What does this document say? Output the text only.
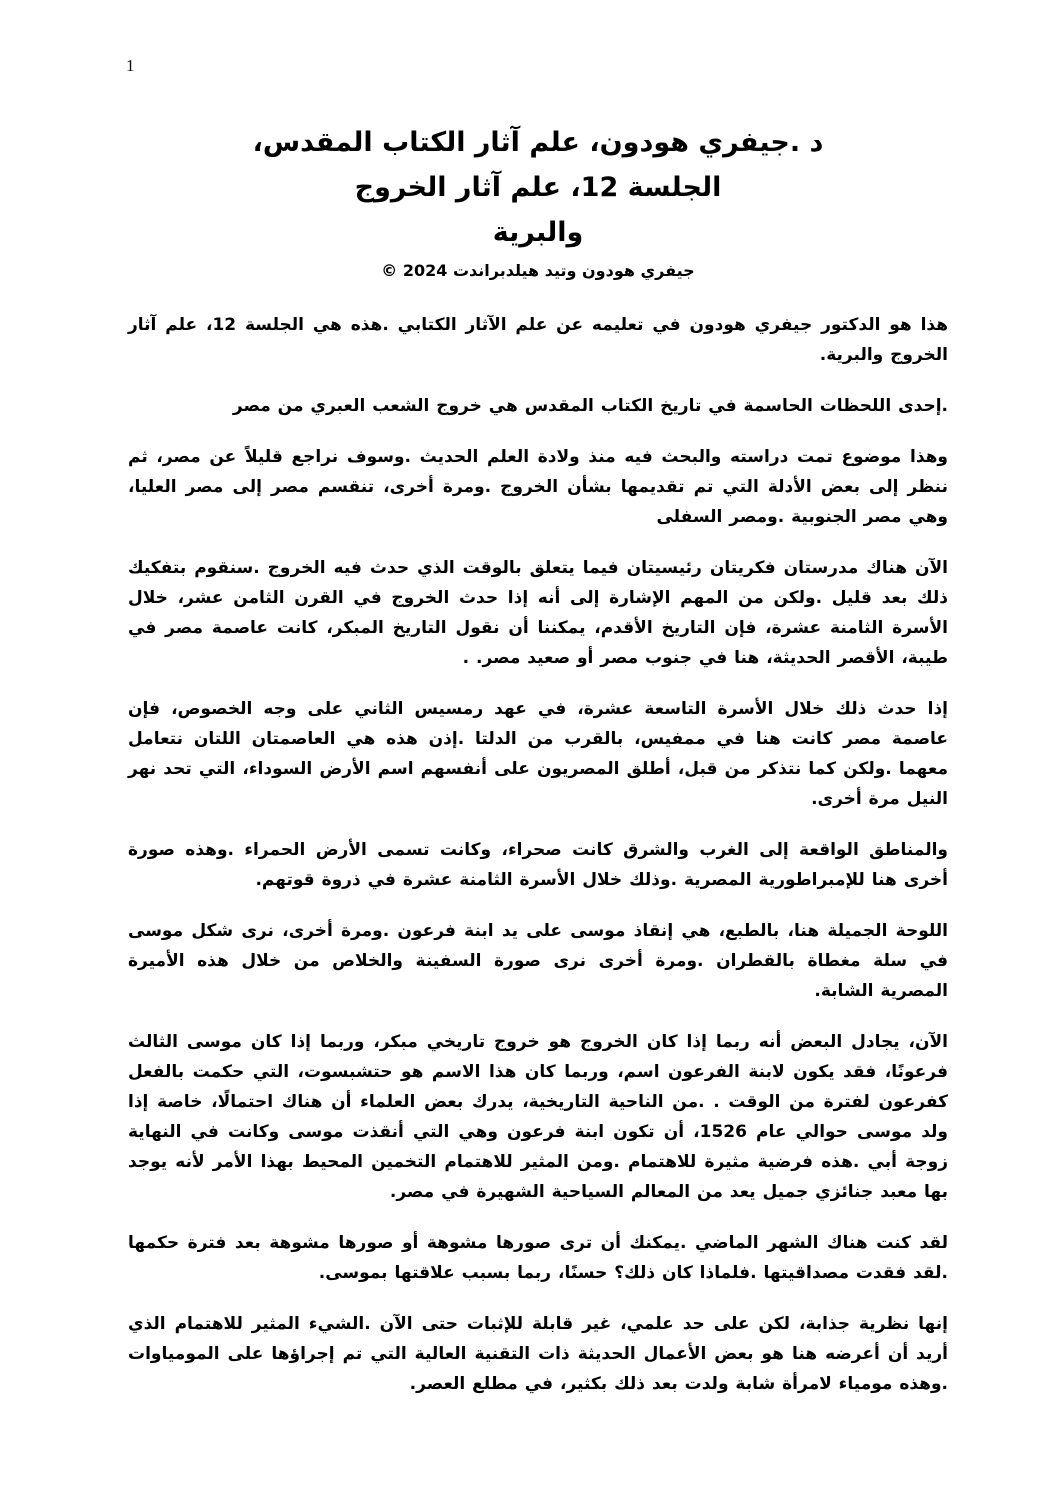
1
د .جيفري هودون، علم آثار الكتاب المقدس،
الجلسة 12، علم آثار الخروج
والبرية
جيفري هودون وتيد هيلدبراندت © 2024

هذا هو الدكتور جيفري هودون في تعليمه عن علم الآثار الكتابي .هذه هي الجلسة 12، علم آثار الخروج والبرية.

.إحدى اللحظات الحاسمة في تاريخ الكتاب المقدس هي خروج الشعب العبري من مصر

وهذا موضوع تمت دراسته والبحث فيه منذ ولادة العلم الحديث .وسوف نراجع قليلاً عن مصر، ثم ننظر إلى بعض الأدلة التي تم تقديمها بشأن الخروج .ومرة أخرى، تنقسم مصر إلى مصر العليا، وهي مصر الجنوبية .ومصر السفلى

الآن هناك مدرستان فكريتان رئيسيتان فيما يتعلق بالوقت الذي حدث فيه الخروج .سنقوم بتفكيك ذلك بعد قليل .ولكن من المهم الإشارة إلى أنه إذا حدث الخروج في القرن الثامن عشر، خلال الأسرة الثامنة عشرة، فإن التاريخ الأقدم، يمكننا أن نقول التاريخ المبكر، كانت عاصمة مصر في طيبة، الأقصر الحديثة، هنا في جنوب مصر أو صعيد مصر. .

إذا حدث ذلك خلال الأسرة التاسعة عشرة، في عهد رمسيس الثاني على وجه الخصوص، فإن عاصمة مصر كانت هنا في ممفيس، بالقرب من الدلتا .إذن هذه هي العاصمتان اللتان نتعامل معهما .ولكن كما نتذكر من قبل، أطلق المصريون على أنفسهم اسم الأرض السوداء، التي تحد نهر النيل مرة أخرى.

والمناطق الواقعة إلى الغرب والشرق كانت صحراء، وكانت تسمى الأرض الحمراء .وهذه صورة أخرى هنا للإمبراطورية المصرية .وذلك خلال الأسرة الثامنة عشرة في ذروة قوتهم.

اللوحة الجميلة هنا، بالطبع، هي إنقاذ موسى على يد ابنة فرعون .ومرة أخرى، نرى شكل موسى في سلة مغطاة بالقطران .ومرة أخرى نرى صورة السفينة والخلاص من خلال هذه الأميرة المصرية الشابة.

الآن، يجادل البعض أنه ربما إذا كان الخروج هو خروج تاريخي مبكر، وربما إذا كان موسى الثالث فرعونًا، فقد يكون لابنة الفرعون اسم، وربما كان هذا الاسم هو حتشبسوت، التي حكمت بالفعل كفرعون لفترة من الوقت . .من الناحية التاريخية، يدرك بعض العلماء أن هناك احتمالًا، خاصة إذا ولد موسى حوالي عام 1526، أن تكون ابنة فرعون وهي التي أنقذت موسى وكانت في النهاية زوجة أبي .هذه فرضية مثيرة للاهتمام .ومن المثير للاهتمام التخمين المحيط بهذا الأمر لأنه يوجد بها معبد جنائزي جميل يعد من المعالم السياحية الشهيرة في مصر.

لقد كنت هناك الشهر الماضي .يمكنك أن ترى صورها مشوهة أو صورها مشوهة بعد فترة حكمها .لقد فقدت مصداقيتها .فلماذا كان ذلك؟ حسنًا، ربما بسبب علاقتها بموسى.

إنها نظرية جذابة، لكن على حد علمي، غير قابلة للإثبات حتى الآن .الشيء المثير للاهتمام الذي أريد أن أعرضه هنا هو بعض الأعمال الحديثة ذات التقنية العالية التي تم إجراؤها على المومياوات .وهذه مومياء لامرأة شابة ولدت بعد ذلك بكثير، في مطلع العصر.
